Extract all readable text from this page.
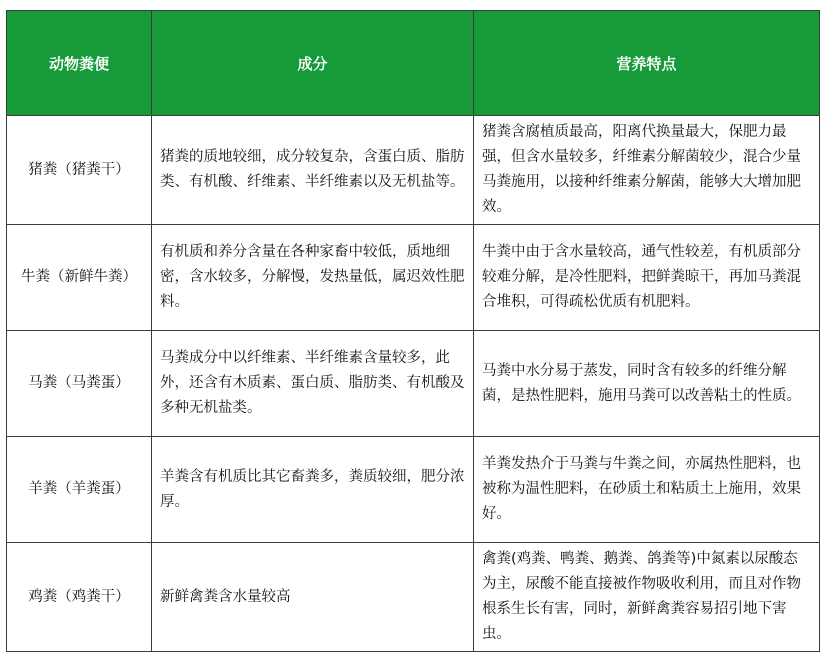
动物粪便	成分	营养特点
猪粪（猪粪干）	猪粪的质地较细，成分较复杂，含蛋白质、脂肪类、有机酸、纤维素、半纤维素以及无机盐等。	猪粪含腐植质最高，阳离代换量最大，保肥力最强，但含水量较多，纤维素分解菌较少，混合少量马粪施用，以接种纤维素分解菌，能够大大增加肥效。
牛粪（新鲜牛粪）	有机质和养分含量在各种家畜中较低，质地细密，含水较多，分解慢，发热量低，属迟效性肥料。	牛粪中由于含水量较高，通气性较差，有机质部分较难分解，是冷性肥料，把鲜粪晾干，再加马粪混合堆积，可得疏松优质有机肥料。
马粪（马粪蛋）	马粪成分中以纤维素、半纤维素含量较多，此外，还含有木质素、蛋白质、脂肪类、有机酸及多种无机盐类。	马粪中水分易于蒸发，同时含有较多的纤维分解菌，是热性肥料，施用马粪可以改善粘土的性质。
羊粪（羊粪蛋）	羊粪含有机质比其它畜粪多，粪质较细，肥分浓厚。	羊粪发热介于马粪与牛粪之间，亦属热性肥料，也被称为温性肥料，在砂质土和粘质土上施用，效果好。
鸡粪（鸡粪干）	新鲜禽粪含水量较高	禽粪(鸡粪、鸭粪、鹅粪、鸽粪等)中氮素以尿酸态为主，尿酸不能直接被作物吸收利用，而且对作物根系生长有害，同时，新鲜禽粪容易招引地下害虫。
